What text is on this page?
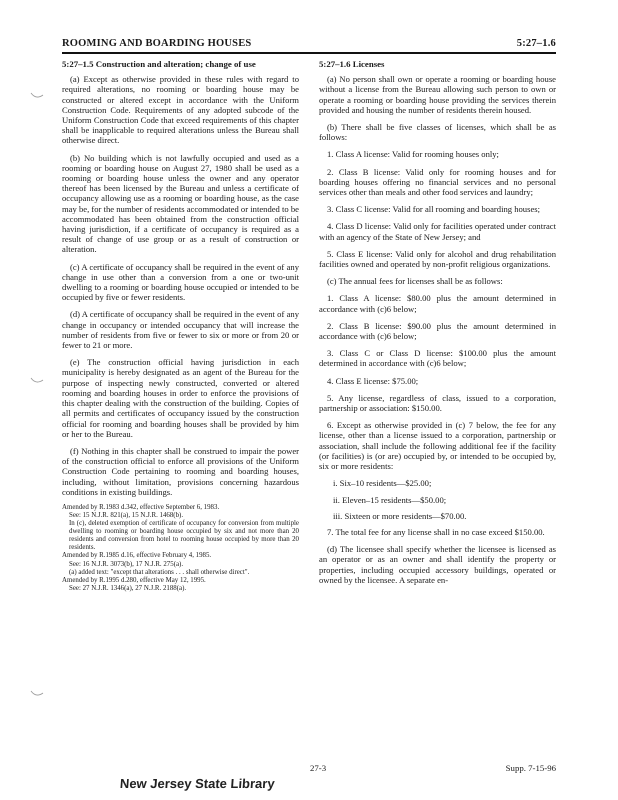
ROOMING AND BOARDING HOUSES	5:27–1.6
5:27–1.5 Construction and alteration; change of use

(a) Except as otherwise provided in these rules with regard to required alterations, no rooming or boarding house may be constructed or altered except in accordance with the Uniform Construction Code. Requirements of any adopted subcode of the Uniform Construction Code that exceed requirements of this chapter shall be inapplicable to required alterations unless the Bureau shall otherwise direct.

(b) No building which is not lawfully occupied and used as a rooming or boarding house on August 27, 1980 shall be used as a rooming or boarding house unless the owner and any operator thereof has been licensed by the Bureau and unless a certificate of occupancy allowing use as a rooming or boarding house, as the case may be, for the number of residents accommodated or intended to be accommodated has been obtained from the construction official having jurisdiction, if a certificate of occupancy is required as a result of change of use group or as a result of construction or alteration.

(c) A certificate of occupancy shall be required in the event of any change in use other than a conversion from a one or two-unit dwelling to a rooming or boarding house occupied or intended to be occupied by five or fewer residents.

(d) A certificate of occupancy shall be required in the event of any change in occupancy or intended occupancy that will increase the number of residents from five or fewer to six or more or from 20 or fewer to 21 or more.

(e) The construction official having jurisdiction in each municipality is hereby designated as an agent of the Bureau for the purpose of inspecting newly constructed, converted or altered rooming and boarding houses in order to enforce the provisions of this chapter dealing with the construction of the building. Copies of all permits and certificates of occupancy issued by the construction official for rooming and boarding houses shall be provided by him or her to the Bureau.

(f) Nothing in this chapter shall be construed to impair the power of the construction official to enforce all provisions of the Uniform Construction Code pertaining to rooming and boarding houses, including, without limitation, provisions concerning hazardous conditions in existing buildings.

Amended by R.1983 d.342, effective September 6, 1983.
See: 15 N.J.R. 821(a), 15 N.J.R. 1468(b).
In (c), deleted exemption of certificate of occupancy for conversion from multiple dwelling to rooming or boarding house occupied by six and not more than 20 residents and conversion from hotel to rooming house occupied by more than 20 residents.
Amended by R.1985 d.16, effective February 4, 1985.
See: 16 N.J.R. 3073(b), 17 N.J.R. 275(a).
(a) added text: "except that alterations . . . shall otherwise direct".
Amended by R.1995 d.280, effective May 12, 1995.
See: 27 N.J.R. 1346(a), 27 N.J.R. 2188(a).
5:27–1.6 Licenses

(a) No person shall own or operate a rooming or boarding house without a license from the Bureau allowing such person to own or operate a rooming or boarding house providing the services therein provided and housing the number of residents therein housed.

(b) There shall be five classes of licenses, which shall be as follows:

1. Class A license: Valid for rooming houses only;

2. Class B license: Valid only for rooming houses and for boarding houses offering no financial services and no personal services other than meals and other food services and laundry;

3. Class C license: Valid for all rooming and boarding houses;

4. Class D license: Valid only for facilities operated under contract with an agency of the State of New Jersey; and

5. Class E license: Valid only for alcohol and drug rehabilitation facilities owned and operated by non-profit religious organizations.

(c) The annual fees for licenses shall be as follows:

1. Class A license: $80.00 plus the amount determined in accordance with (c)6 below;

2. Class B license: $90.00 plus the amount determined in accordance with (c)6 below;

3. Class C or Class D license: $100.00 plus the amount determined in accordance with (c)6 below;

4. Class E license: $75.00;

5. Any license, regardless of class, issued to a corporation, partnership or association: $150.00.

6. Except as otherwise provided in (c) 7 below, the fee for any license, other than a license issued to a corporation, partnership or association, shall include the following additional fee if the facility (or facilities) is (or are) occupied by, or intended to be occupied by, six or more residents:

i. Six–10 residents—$25.00;

ii. Eleven–15 residents—$50.00;

iii. Sixteen or more residents—$70.00.

7. The total fee for any license shall in no case exceed $150.00.

(d) The licensee shall specify whether the licensee is licensed as an operator or as an owner and shall identify the property or properties, including occupied accessory buildings, operated or owned by the licensee. A separate en-

27-3	Supp. 7-15-96
New Jersey State Library
